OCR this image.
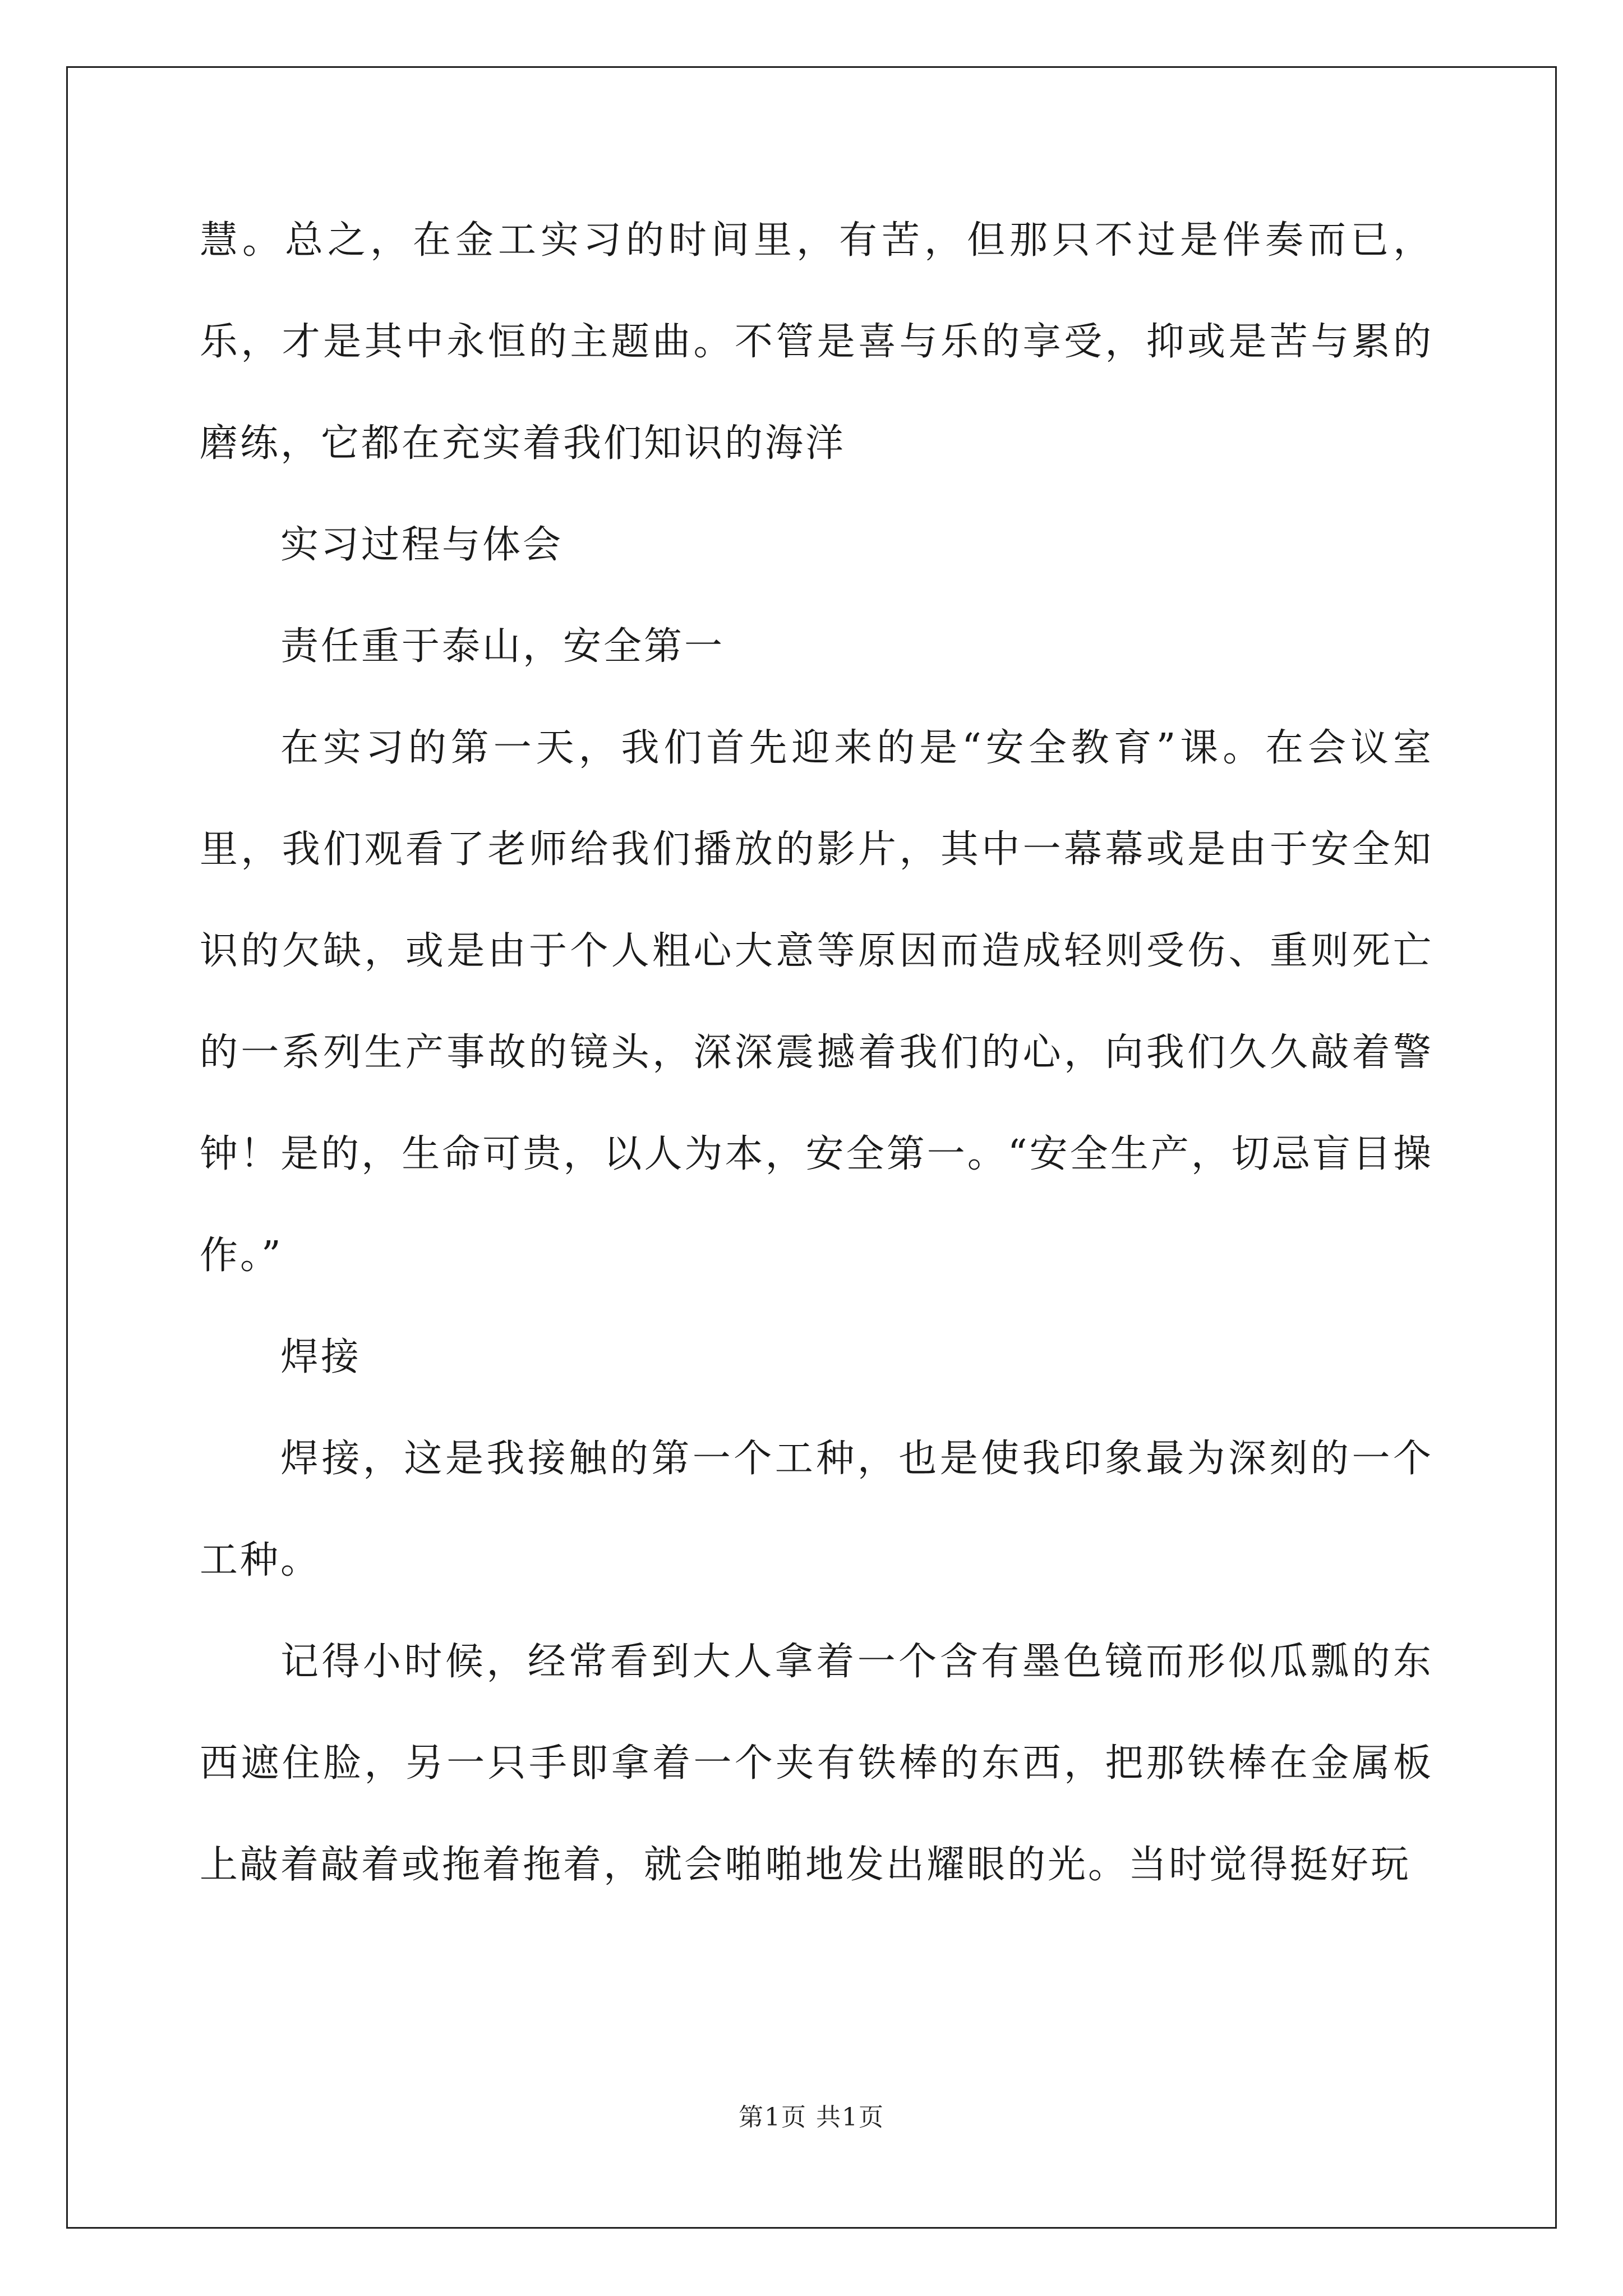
慧。总之，在金工实习的时间里，有苦，但那只不过是伴奏而已，乐，才是其中永恒的主题曲。不管是喜与乐的享受，抑或是苦与累的磨练，它都在充实着我们知识的海洋

实习过程与体会

责任重于泰山，安全第一

在实习的第一天，我们首先迎来的是“安全教育”课。在会议室里，我们观看了老师给我们播放的影片，其中一幕幕或是由于安全知识的欠缺，或是由于个人粗心大意等原因而造成轻则受伤、重则死亡的一系列生产事故的镜头，深深震撼着我们的心，向我们久久敲着警钟！是的，生命可贵，以人为本，安全第一。“安全生产，切忌盲目操作。”

焊接

焊接，这是我接触的第一个工种，也是使我印象最为深刻的一个工种。

记得小时候，经常看到大人拿着一个含有墨色镜而形似瓜瓢的东西遮住脸，另一只手即拿着一个夹有铁棒的东西，把那铁棒在金属板上敲着敲着或拖着拖着，就会啪啪地发出耀眼的光。当时觉得挺好玩

第1页 共1页
